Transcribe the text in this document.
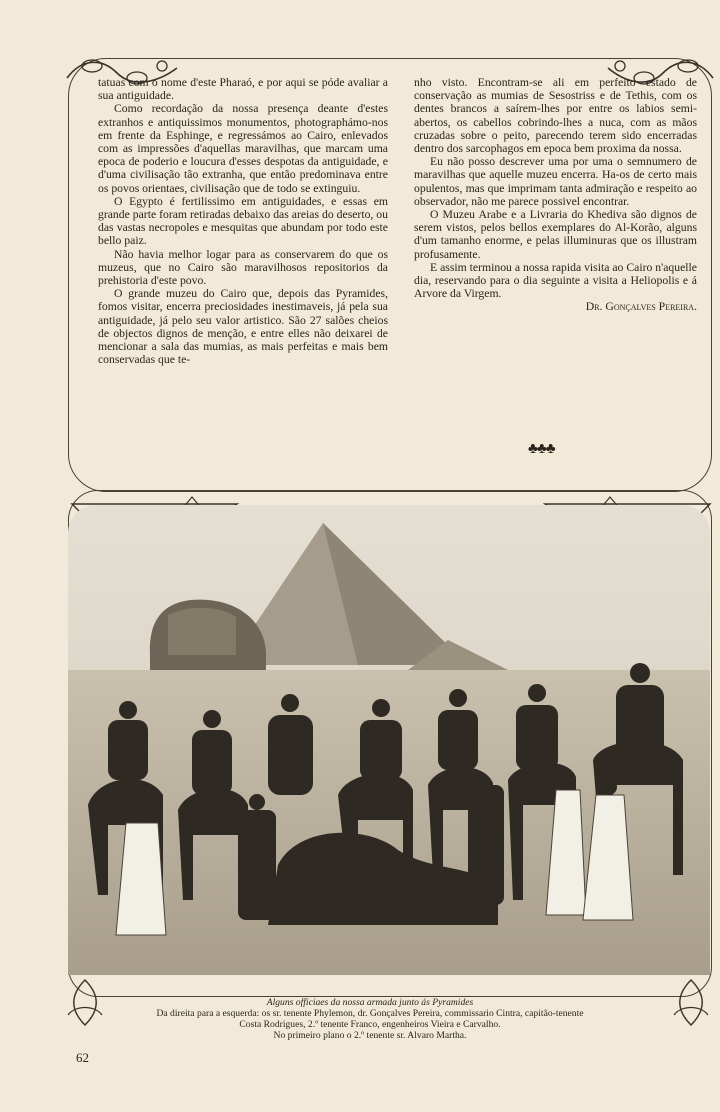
tatuas com o nome d'este Pharaó, e por aqui se póde avaliar a sua antiguidade.

Como recordação da nossa presença deante d'estes extranhos e antiquissimos monumentos, photographámo-nos em frente da Esphinge, e regressámos ao Cairo, enlevados com as impressões d'aquellas maravilhas, que marcam uma epoca de poderio e loucura d'esses despotas da antiguidade, e d'uma civilisação tão extranha, que então predominava entre os povos orientaes, civilisação que de todo se extinguiu.

O Egypto é fertilissimo em antiguidades, e essas em grande parte foram retiradas debaixo das areias do deserto, ou das vastas necropoles e mesquitas que abundam por todo este bello paiz.

Não havia melhor logar para as conservarem do que os muzeus, que no Cairo são maravilhosos repositorios da prehistoria d'este povo.

O grande muzeu do Cairo que, depois das Pyramides, fomos visitar, encerra preciosidades inestimaveis, já pela sua antiguidade, já pelo seu valor artistico. São 27 salões cheios de objectos dignos de menção, e entre elles não deixarei de mencionar a sala das mumias, as mais perfeitas e mais bem conservadas que te-

nho visto. Encontram-se ali em perfeito estado de conservação as mumias de Sesostriss e de Tethis, com os dentes brancos a saírem-lhes por entre os labios semi-abertos, os cabellos cobrindo-lhes a nuca, com as mãos cruzadas sobre o peito, parecendo terem sido encerradas dentro dos sarcophagos em epoca bem proxima da nossa.

Eu não posso descrever uma por uma o semnumero de maravilhas que aquelle muzeu encerra. Ha-os de certo mais opulentos, mas que imprimam tanta admiração e respeito ao observador, não me parece possivel encontrar.

O Muzeu Arabe e a Livraria do Khediva são dignos de serem vistos, pelos bellos exemplares do Al-Korão, alguns d'um tamanho enorme, e pelas illuminuras que os illustram profusamente.

E assim terminou a nossa rapida visita ao Cairo n'aquelle dia, reservando para o dia seguinte a visita a Heliopolis e á Arvore da Virgem.

Dr. Gonçalves Pereira.

♣♣♣
Alguns officiaes da nossa armada junto ás Pyramides
Da direita para a esquerda: os sr. tenente Phylemon, dr. Gonçalves Pereira, commissario Cintra, capitão-tenente
Costa Rodrigues, 2.º tenente Franco, engenheiros Vieira e Carvalho.
No primeiro plano o 2.º tenente sr. Alvaro Martha.
62
